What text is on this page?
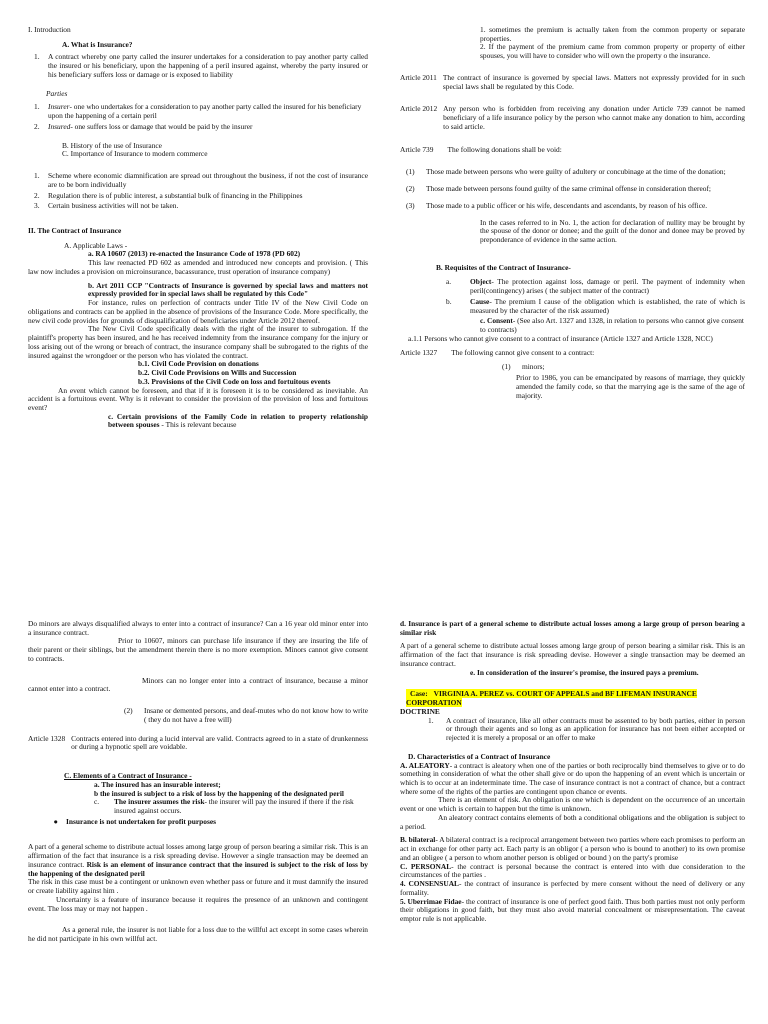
I. Introduction

A. What is Insurance?

1.	A contract whereby one party called the insurer undertakes for a consideration to pay another party called the insured or his beneficiary, upon the happening of a peril insured against, whereby the party insured or his beneficiary suffers loss or damage or is exposed to liability

Parties

1.	Insurer- one who undertakes for a consideration to pay another party called the insured for his beneficiary upon the happening of a certain peril
2.	Insured- one suffers loss or damage that would be paid by the insurer

B. History of the use of Insurance

C. Importance of Insurance to modern commerce

1.	Scheme where economic diamnification are spread out throughout the business, if not the cost of insurance are to be born individually
2.	Regulation there is of public interest, a substantial bulk of financing in the Philippines
3.	Certain business activities will not be taken.

II. The Contract of Insurance

A. Applicable Laws -

a. RA 10607 (2013) re-enacted the Insurance Code of 1978 (PD 602)

This law reenacted PD 602 as amended and introduced new concepts and provision. ( This law now includes a provision on microinsurance, bacassurance, trust operation of insurance company)

b. Art 2011 CCP "Contracts of Insurance is governed by special laws and matters not expressly provided for in special laws shall be regulated by this Code"

For instance, rules on perfection of contracts under Title IV of the New Civil Code on obligations and contracts can be applied in the absence of provisions of the Insurance Code. More specifically, the new civil code provides for grounds of disqualification of beneficiaries under Article 2012 thereof.

The New Civil Code specifically deals with the right of the insurer to subrogation. If the plaintiff's property has been insured, and he has received indemnity from the insurance company for the injury or loss arising out of the wrong or breach of contract, the insurance company shall be subrogated to the rights of the insured against the wrongdoer or the person who has violated the contract.

b.1. Civil Code Provision on donations

b.2. Civil Code Provisions on Wills and Succession

b.3. Provisions of the Civil Code on loss and fortuitous events

An event which cannot be foreseen, and that if it is foreseen it is to be considered as inevitable. An accident is a fortuitous event. Why is it relevant to consider the provision of the provision of loss and fortuitous event?

c. Certain provisions of the Family Code in relation to property relationship between spouses - This is relevant because

1. sometimes the premium is actually taken from the common property or separate properties.

2. If the payment of the premium came from common property or property of either spouses, you will have to consider who will own the property o the insurance.

Article 2011 The contract of insurance is governed by special laws. Matters not expressly provided for in such special laws shall be regulated by this Code.
Article 2012 Any person who is forbidden from receiving any donation under Article 739 cannot be named beneficiary of a life insurance policy by the person who cannot make any donation to him, according to said article.
Article 739	The following donations shall be void:
(1)	Those made between persons who were guilty of adultery or concubinage at the time of the donation;
(2)	Those made between persons found guilty of the same criminal offense in consideration thereof;
(3)	Those made to a public officer or his wife, descendants and ascendants, by reason of his office.

In the cases referred to in No. 1, the action for declaration of nullity may be brought by the spouse of the donor or donee; and the guilt of the donor and donee may be proved by preponderance of evidence in the same action.

B. Requisites of the Contract of Insurance-

a.	Object- The protection against loss, damage or peril. The payment of indemnity when peril(contingency) arises ( the subject matter of the contract)
b.	Cause- The premium I cause of the obligation which is established, the rate of which is measured by the character of the risk assumed)

c. Consent- (See also Art. 1327 and 1328, in relation to persons who cannot give consent to contracts)

a.1.1 Persons who cannot give consent to a contract of insurance (Article 1327 and Article 1328, NCC)

Article 1327	The following cannot give consent to a contract:
(1)	minors;

Prior to 1986, you can be emancipated by reasons of marriage, they quickly amended the family code, so that the marrying age is the same of the age of majority.

Do minors are always disqualified always to enter into a contract of insurance? Can a 16 year old minor enter into a insurance contract.

Prior to 10607, minors can purchase life insurance if they are insuring the life of their parent or their siblings, but the amendment therein there is no more exemption. Minors cannot give consent to contracts.

Minors can no longer enter into a contract of insurance, because a minor cannot enter into a contract.

(2)	Insane or demented persons, and deaf-mutes who do not know how to write ( they do not have a free will)
Article 1328 Contracts entered into during a lucid interval are valid. Contracts agreed to in a state of drunkenness or during a hypnotic spell are voidable.

C. Elements of a Contract of Insurance -

a. The insured has an insurable interest;

b the insured is subject to a risk of loss by the happening of the designated peril

c.	The insurer assumes the risk- the insurer will pay the insured if there if the risk insured against occurs.
●	Insurance is not undertaken for profit purposes

A part of a general scheme to distribute actual losses among large group of person bearing a similar risk. This is an affirmation of the fact that insurance is a risk spreading devise. However a single transaction may be deemed an insurance contract. Risk is an element of insurance contract that the insured is subject to the risk of loss by the happening of the designated peril

The risk in this case must be a contingent or unknown even whether pass or future and it must damnify the insured or create liability against him .

Uncertainty is a feature of insurance because it requires the presence of an unknown and contingent event. The loss may or may not happen .

As a general rule, the insurer is not liable for a loss due to the willful act except in some cases wherein he did not participate in his own willful act.

d. Insurance is part of a general scheme to distribute actual losses among a large group of person bearing a similar risk

A part of a general scheme to distribute actual losses among large group of person bearing a similar risk. This is an affirmation of the fact that insurance is risk spreading devise. However a single transaction may be deemed an insurance contract.

e. In consideration of the insurer's promise, the insured pays a premium.

Case: VIRGINIA A. PEREZ vs. COURT OF APPEALS and BF LIFEMAN INSURANCE CORPORATION

DOCTRINE

1.	A contract of insurance, like all other contracts must be assented to by both parties, either in person or through their agents and so long as an application for insurance has not been either accepted or rejected it is merely a proposal or an offer to make

D. Characteristics of a Contract of Insurance

A. ALEATORY- a contract is aleatory when one of the parties or both reciprocally bind themselves to give or to do something in consideration of what the other shall give or do upon the happening of an event which is uncertain or which is to occur at an indeterminate time. The case of insurance contract is not a contract of chance, but a contract where some of the rights of the parties are contingent upon chance or events.

There is an element of risk. An obligation is one which is dependent on the occurrence of an uncertain event or one which is certain to happen but the time is unknown.

An aleatory contract contains elements of both a conditional obligations and the obligation is subject to a period.

B. bilateral- A bilateral contract is a reciprocal arrangement between two parties where each promises to perform an act in exchange for other party act. Each party is an obligor ( a person who is bound to another) to its own promise and an obligee ( a person to whom another person is obliged or bound ) on the party's promise

C. PERSONAL- the contract is personal because the contract is entered into with due consideration to the circumstances of the parties .

4. CONSENSUAL- the contract of insurance is perfected by mere consent without the need of delivery or any formality.

5. Uberrimae Fidae- the contract of insurance is one of perfect good faith. Thus both parties must not only perform their obligations in good faith, but they must also avoid material concealment or misrepresentation. The caveat emptor rule is not applicable.
